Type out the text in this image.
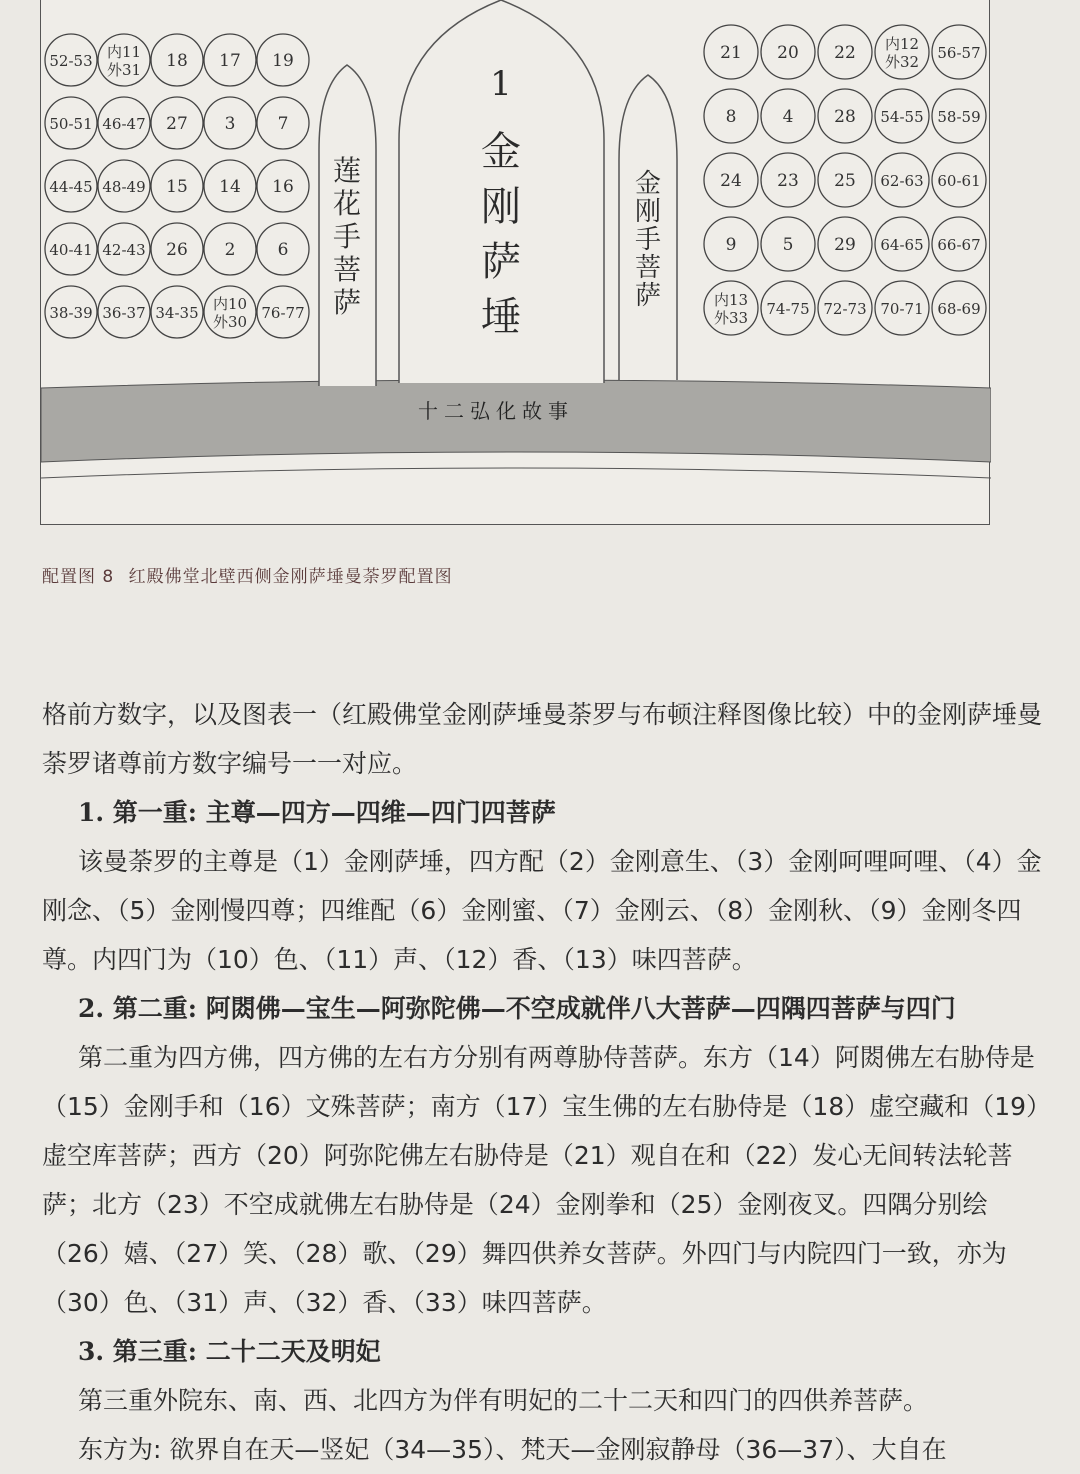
1
金刚萨埵
莲花手菩萨
金刚手菩萨
十二弘化故事
52-53 内11 外31 18 17 19
50-51 46-47 27 3 7
44-45 48-49 15 14 16
40-41 42-43 26 2 6
38-39 36-37 34-35 内10 外30 76-77
21 20 22 内12 外32 56-57
8	4 28 54-55 58-59
24 23 25 62-63 60-61
9	5 29 64-65 66-67
内13 外33 74-75 72-73 70-71 68-69
配置图 8 红殿佛堂北壁西侧金刚萨埵曼荼罗配置图

格前方数字，以及图表一（红殿佛堂金刚萨埵曼荼罗与布顿注释图像比较）中的金刚萨埵曼荼罗诸尊前方数字编号一一对应。

1. 第一重: 主尊—四方—四维—四门四菩萨

该曼荼罗的主尊是（1）金刚萨埵，四方配（2）金刚意生、（3）金刚呵哩呵哩、（4）金刚念、（5）金刚慢四尊；四维配（6）金刚蜜、（7）金刚云、（8）金刚秋、（9）金刚冬四尊。内四门为（10）色、（11）声、（12）香、（13）味四菩萨。

2. 第二重: 阿閦佛—宝生—阿弥陀佛—不空成就伴八大菩萨—四隅四菩萨与四门

第二重为四方佛，四方佛的左右方分别有两尊胁侍菩萨。东方（14）阿閦佛左右胁侍是（15）金刚手和（16）文殊菩萨；南方（17）宝生佛的左右胁侍是（18）虚空藏和（19）虚空库菩萨；西方（20）阿弥陀佛左右胁侍是（21）观自在和（22）发心无间转法轮菩萨；北方（23）不空成就佛左右胁侍是（24）金刚拳和（25）金刚夜叉。四隅分别绘（26）嬉、（27）笑、（28）歌、（29）舞四供养女菩萨。外四门与内院四门一致，亦为（30）色、（31）声、（32）香、（33）味四菩萨。

3. 第三重: 二十二天及明妃

第三重外院东、南、西、北四方为伴有明妃的二十二天和四门的四供养菩萨。

东方为: 欲界自在天—竖妃（34—35）、梵天—金刚寂静母（36—37）、大自在
